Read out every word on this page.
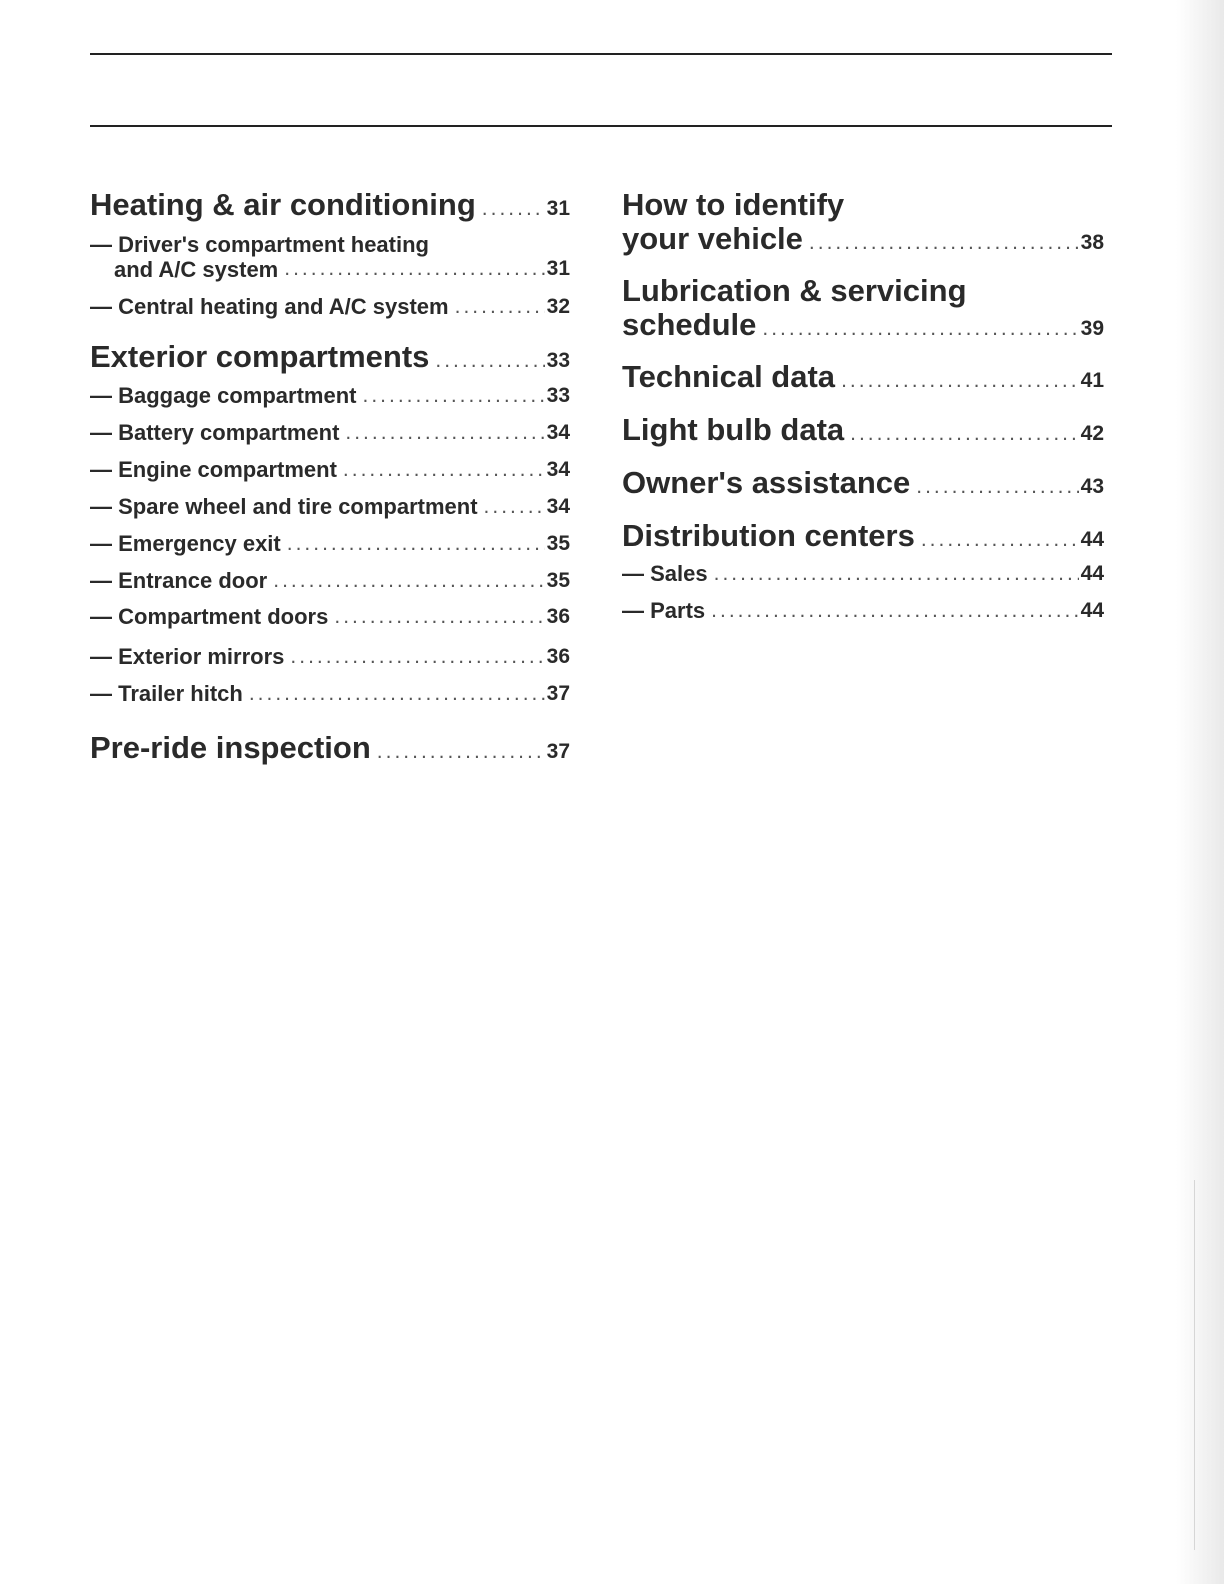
Heating & air conditioning .....	31
— Driver's compartment heating
and A/C system .....	31
— Central heating and A/C system .....	32
Exterior compartments .....	33
— Baggage compartment .....	33
— Battery compartment .....	34
— Engine compartment .....	34
— Spare wheel and tire compartment .....	34
— Emergency exit .....	35
— Entrance door .....	35
— Compartment doors .....	36
— Exterior mirrors .....	36
— Trailer hitch .....	37
Pre-ride inspection .....	37
How to identify
your vehicle .....	38
Lubrication & servicing
schedule .....	39
Technical data .....	41
Light bulb data .....	42
Owner's assistance .....	43
Distribution centers .....	44
— Sales .....	44
— Parts .....	44
